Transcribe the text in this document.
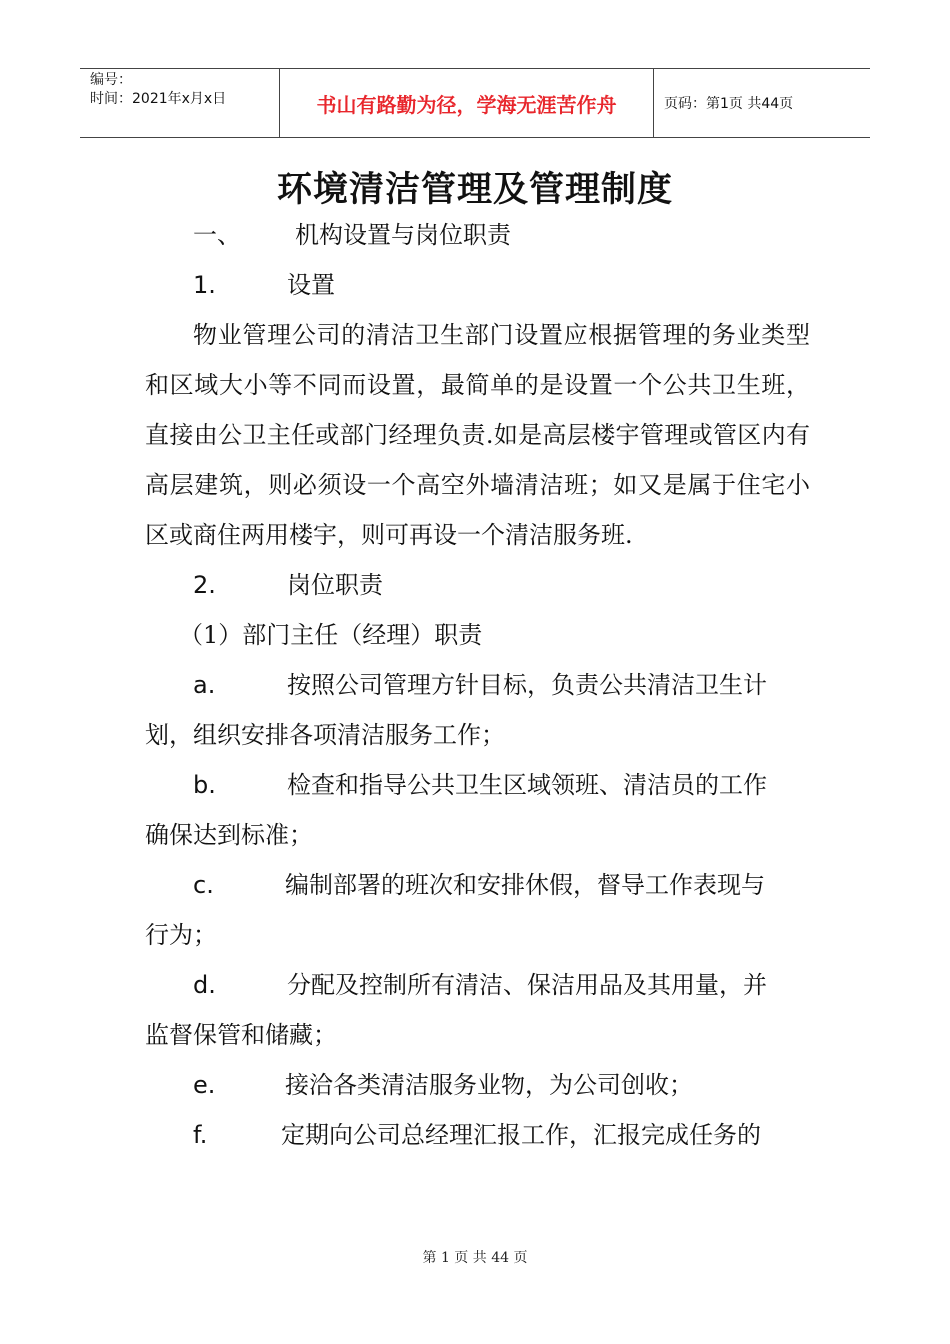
编号：
时间：2021年x月x日	书山有路勤为径，学海无涯苦作舟	页码：第1页 共44页
环境清洁管理及管理制度
一、 机构设置与岗位职责
1.	设置
物业管理公司的清洁卫生部门设置应根据管理的务业类型和区域大小等不同而设置，最简单的是设置一个公共卫生班，直接由公卫主任或部门经理负责.如是高层楼宇管理或管区内有高层建筑，则必须设一个高空外墙清洁班；如又是属于住宅小区或商住两用楼宇，则可再设一个清洁服务班.
2.	岗位职责
（1）部门主任（经理）职责
a.	按照公司管理方针目标，负责公共清洁卫生计
划，组织安排各项清洁服务工作；
b.	检查和指导公共卫生区域领班、清洁员的工作
确保达到标准；
c.	编制部署的班次和安排休假，督导工作表现与
行为；
d.	分配及控制所有清洁、保洁用品及其用量，并
监督保管和储藏；
e.	接洽各类清洁服务业物，为公司创收；
f.	定期向公司总经理汇报工作，汇报完成任务的
第 1 页 共 44 页
